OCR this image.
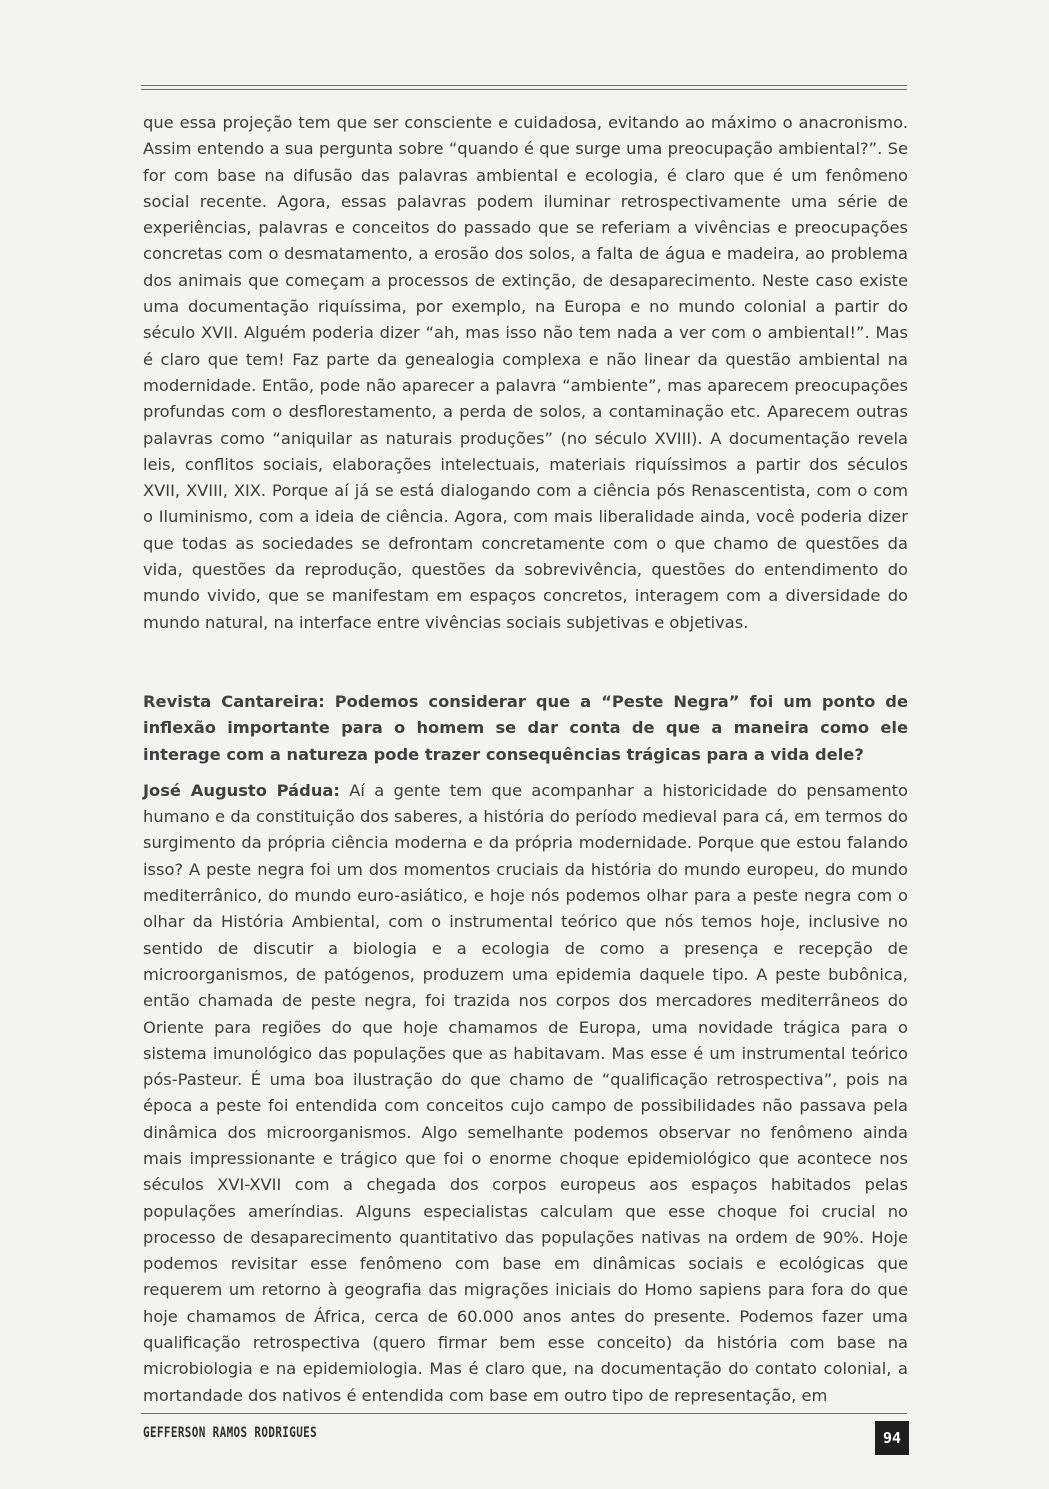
que essa projeção tem que ser consciente e cuidadosa, evitando ao máximo o anacronismo. Assim entendo a sua pergunta sobre “quando é que surge uma preocupação ambiental?”. Se for com base na difusão das palavras ambiental e ecologia, é claro que é um fenômeno social recente. Agora, essas palavras podem iluminar retrospectivamente uma série de experiências, palavras e conceitos do passado que se referiam a vivências e preocupações concretas com o desmatamento, a erosão dos solos, a falta de água e madeira, ao problema dos animais que começam a processos de extinção, de desaparecimento. Neste caso existe uma documentação riquíssima, por exemplo, na Europa e no mundo colonial a partir do século XVII. Alguém poderia dizer “ah, mas isso não tem nada a ver com o ambiental!”. Mas é claro que tem! Faz parte da genealogia complexa e não linear da questão ambiental na modernidade. Então, pode não aparecer a palavra “ambiente”, mas aparecem preocupações profundas com o desflorestamento, a perda de solos, a contaminação etc. Aparecem outras palavras como “aniquilar as naturais produções” (no século XVIII). A documentação revela leis, conflitos sociais, elaborações intelectuais, materiais riquíssimos a partir dos séculos XVII, XVIII, XIX. Porque aí já se está dialogando com a ciência pós Renascentista, com o com o Iluminismo, com a ideia de ciência. Agora, com mais liberalidade ainda, você poderia dizer que todas as sociedades se defrontam concretamente com o que chamo de questões da vida, questões da reprodução, questões da sobrevivência, questões do entendimento do mundo vivido, que se manifestam em espaços concretos, interagem com a diversidade do mundo natural, na interface entre vivências sociais subjetivas e objetivas.

Revista Cantareira: Podemos considerar que a “Peste Negra” foi um ponto de inflexão importante para o homem se dar conta de que a maneira como ele interage com a natureza pode trazer consequências trágicas para a vida dele?

José Augusto Pádua: Aí a gente tem que acompanhar a historicidade do pensamento humano e da constituição dos saberes, a história do período medieval para cá, em termos do surgimento da própria ciência moderna e da própria modernidade. Porque que estou falando isso? A peste negra foi um dos momentos cruciais da história do mundo europeu, do mundo mediterrânico, do mundo euro-asiático, e hoje nós podemos olhar para a peste negra com o olhar da História Ambiental, com o instrumental teórico que nós temos hoje, inclusive no sentido de discutir a biologia e a ecologia de como a presença e recepção de microorganismos, de patógenos, produzem uma epidemia daquele tipo. A peste bubônica, então chamada de peste negra, foi trazida nos corpos dos mercadores mediterrâneos do Oriente para regiões do que hoje chamamos de Europa, uma novidade trágica para o sistema imunológico das populações que as habitavam. Mas esse é um instrumental teórico pós-Pasteur. É uma boa ilustração do que chamo de “qualificação retrospectiva”, pois na época a peste foi entendida com conceitos cujo campo de possibilidades não passava pela dinâmica dos microorganismos. Algo semelhante podemos observar no fenômeno ainda mais impressionante e trágico que foi o enorme choque epidemiológico que acontece nos séculos XVI-XVII com a chegada dos corpos europeus aos espaços habitados pelas populações ameríndias. Alguns especialistas calculam que esse choque foi crucial no processo de desaparecimento quantitativo das populações nativas na ordem de 90%. Hoje podemos revisitar esse fenômeno com base em dinâmicas sociais e ecológicas que requerem um retorno à geografia das migrações iniciais do Homo sapiens para fora do que hoje chamamos de África, cerca de 60.000 anos antes do presente. Podemos fazer uma qualificação retrospectiva (quero firmar bem esse conceito) da história com base na microbiologia e na epidemiologia. Mas é claro que, na documentação do contato colonial, a mortandade dos nativos é entendida com base em outro tipo de representação, em

GEFFERSON RAMOS RODRIGUES	94
